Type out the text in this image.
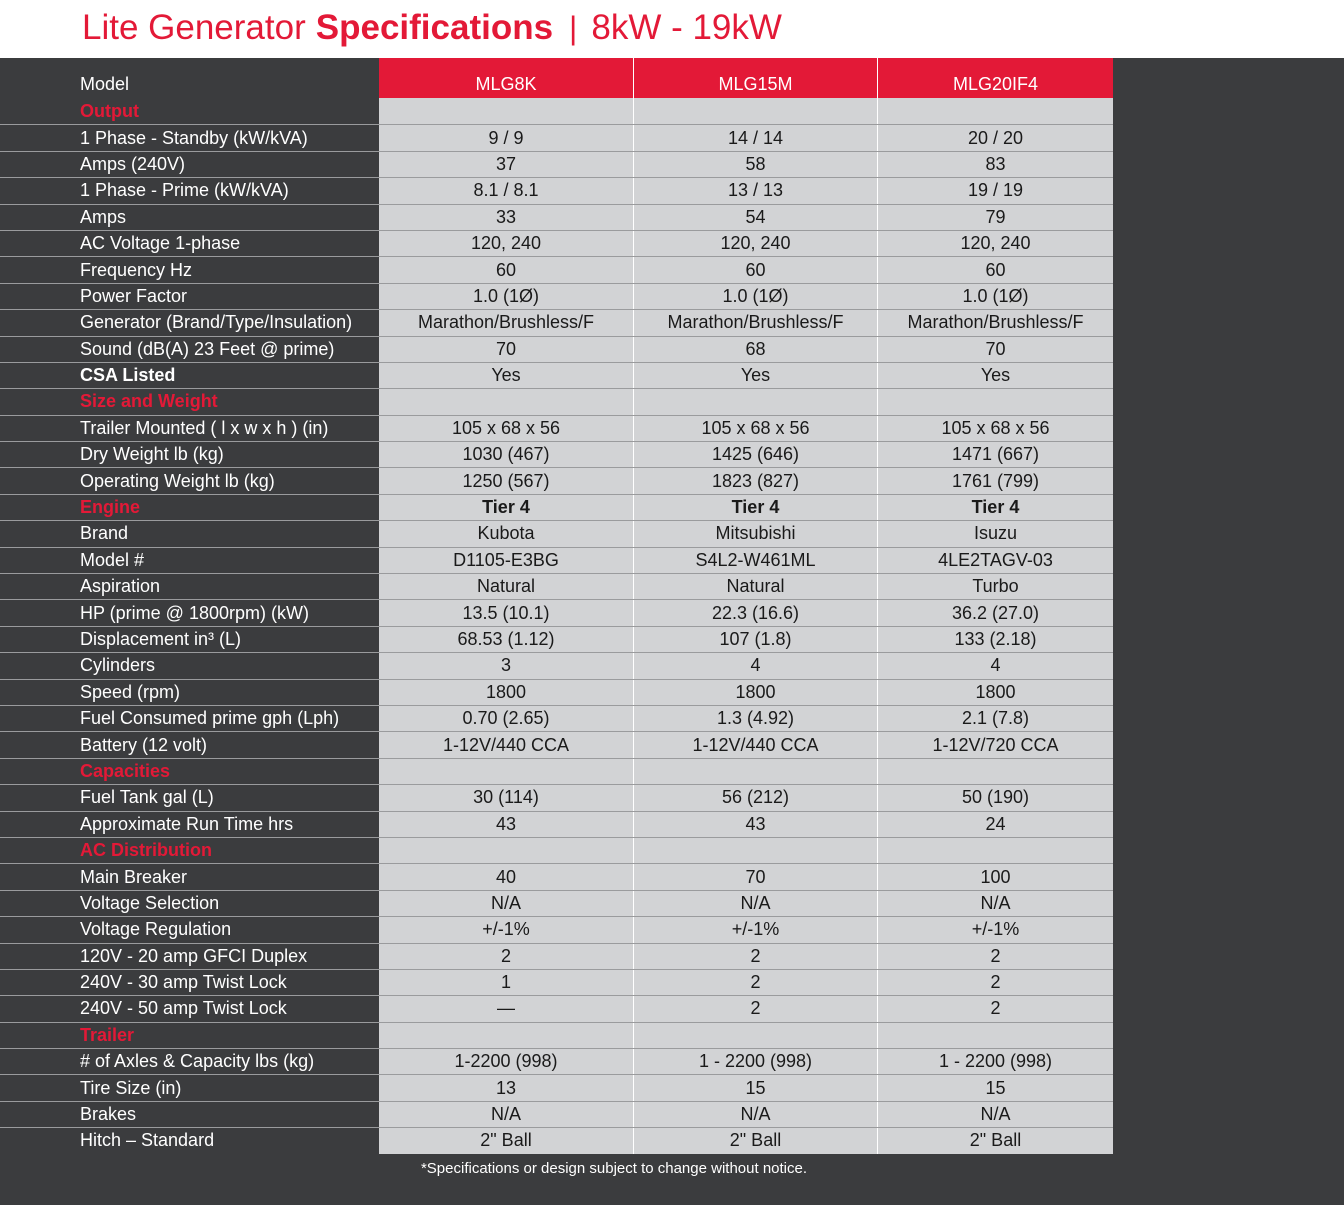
Lite Generator Specifications | 8kW - 19kW
Model	MLG8K	MLG15M	MLG20IF4
Output
1 Phase - Standby (kW/kVA)	9 / 9	14 / 14	20 / 20
Amps (240V)	37	58	83
1 Phase - Prime (kW/kVA)	8.1 / 8.1	13 / 13	19 / 19
Amps	33	54	79
AC Voltage 1-phase	120, 240	120, 240	120, 240
Frequency Hz	60	60	60
Power Factor	1.0 (1Ø)	1.0 (1Ø)	1.0 (1Ø)
Generator (Brand/Type/Insulation)	Marathon/Brushless/F	Marathon/Brushless/F	Marathon/Brushless/F
Sound (dB(A) 23 Feet @ prime)	70	68	70
CSA Listed	Yes	Yes	Yes
Size and Weight
Trailer Mounted ( l x w x h ) (in)	105 x 68 x 56	105 x 68 x 56	105 x 68 x 56
Dry Weight lb (kg)	1030 (467)	1425 (646)	1471 (667)
Operating Weight lb (kg)	1250 (567)	1823 (827)	1761 (799)
Engine	Tier 4	Tier 4	Tier 4
Brand	Kubota	Mitsubishi	Isuzu
Model #	D1105-E3BG	S4L2-W461ML	4LE2TAGV-03
Aspiration	Natural	Natural	Turbo
HP (prime @ 1800rpm) (kW)	13.5 (10.1)	22.3 (16.6)	36.2 (27.0)
Displacement in³ (L)	68.53 (1.12)	107 (1.8)	133 (2.18)
Cylinders	3	4	4
Speed (rpm)	1800	1800	1800
Fuel Consumed prime gph (Lph)	0.70 (2.65)	1.3 (4.92)	2.1 (7.8)
Battery (12 volt)	1-12V/440 CCA	1-12V/440 CCA	1-12V/720 CCA
Capacities
Fuel Tank gal (L)	30 (114)	56 (212)	50 (190)
Approximate Run Time hrs	43	43	24
AC Distribution
Main Breaker	40	70	100
Voltage Selection	N/A	N/A	N/A
Voltage Regulation	+/-1%	+/-1%	+/-1%
120V - 20 amp GFCI Duplex	2	2	2
240V - 30 amp Twist Lock	1	2	2
240V - 50 amp Twist Lock	—	2	2
Trailer
# of Axles & Capacity lbs (kg)	1-2200 (998)	1 - 2200 (998)	1 - 2200 (998)
Tire Size (in)	13	15	15
Brakes	N/A	N/A	N/A
Hitch – Standard	2" Ball	2" Ball	2" Ball
*Specifications or design subject to change without notice.
